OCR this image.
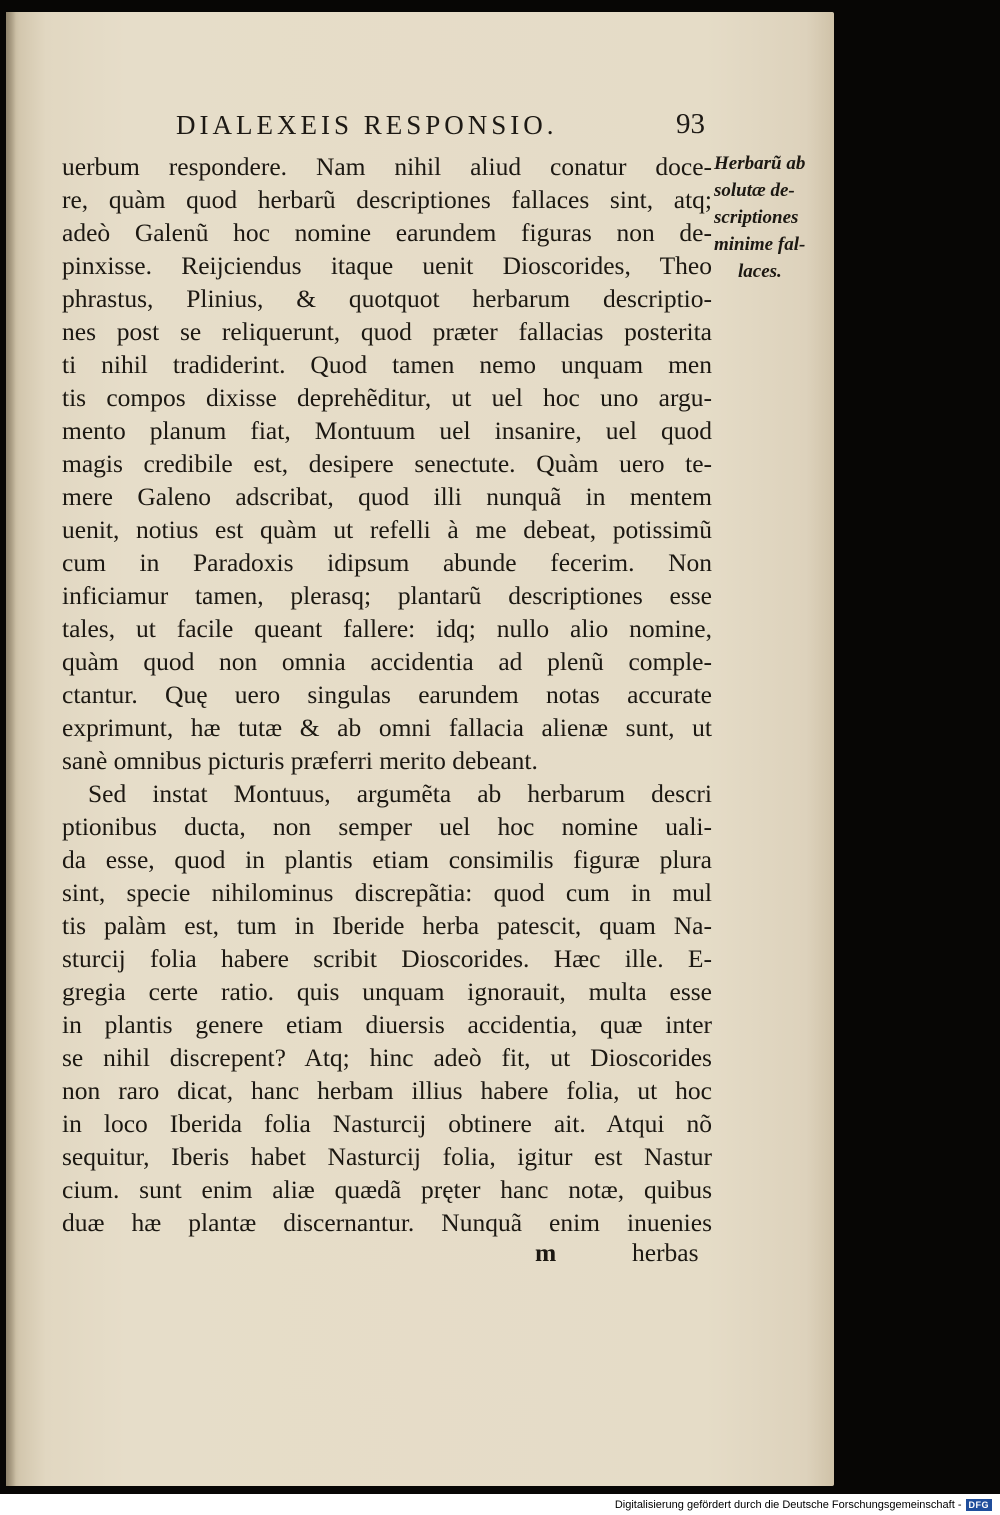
DIALEXEIS RESPONSIO.	93
uerbum respondere. Nam nihil aliud conatur doce-
re, quàm quod herbarũ descriptiones fallaces sint, atq;
adeò Galenũ hoc nomine earundem figuras non de-
pinxisse. Reijciendus itaque uenit Dioscorides, Theo
phrastus, Plinius, & quotquot herbarum descriptio-
nes post se reliquerunt, quod præter fallacias posterita
ti nihil tradiderint. Quod tamen nemo unquam men
tis compos dixisse deprehẽditur, ut uel hoc uno argu-
mento planum fiat, Montuum uel insanire, uel quod
magis credibile est, desipere senectute. Quàm uero te-
mere Galeno adscribat, quod illi nunquã in mentem
uenit, notius est quàm ut refelli à me debeat, potissimũ
cum in Paradoxis idipsum abunde fecerim. Non
inficiamur tamen, plerasq; plantarũ descriptiones esse
tales, ut facile queant fallere: idq; nullo alio nomine,
quàm quod non omnia accidentia ad plenũ comple-
ctantur. Quę uero singulas earundem notas accurate
exprimunt, hæ tutæ & ab omni fallacia alienæ sunt, ut
sanè omnibus picturis præferri merito debeant.
Sed instat Montuus, argumẽta ab herbarum descri
ptionibus ducta, non semper uel hoc nomine uali-
da esse, quod in plantis etiam consimilis figuræ plura
sint, specie nihilominus discrepãtia: quod cum in mul
tis palàm est, tum in Iberide herba patescit, quam Na-
sturcij folia habere scribit Dioscorides. Hæc ille. E-
gregia certe ratio. quis unquam ignorauit, multa esse
in plantis genere etiam diuersis accidentia, quæ inter
se nihil discrepent? Atq; hinc adeò fit, ut Dioscorides
non raro dicat, hanc herbam illius habere folia, ut hoc
in loco Iberida folia Nasturcij obtinere ait. Atqui nõ
sequitur, Iberis habet Nasturcij folia, igitur est Nastur
cium. sunt enim aliæ quædã pręter hanc notæ, quibus
duæ hæ plantæ discernantur. Nunquã enim inuenies
Herbarũ ab
solutæ de-
scriptiones
minime fal-
laces.
m	herbas
Digitalisierung gefördert durch die Deutsche Forschungsgemeinschaft - DFG
